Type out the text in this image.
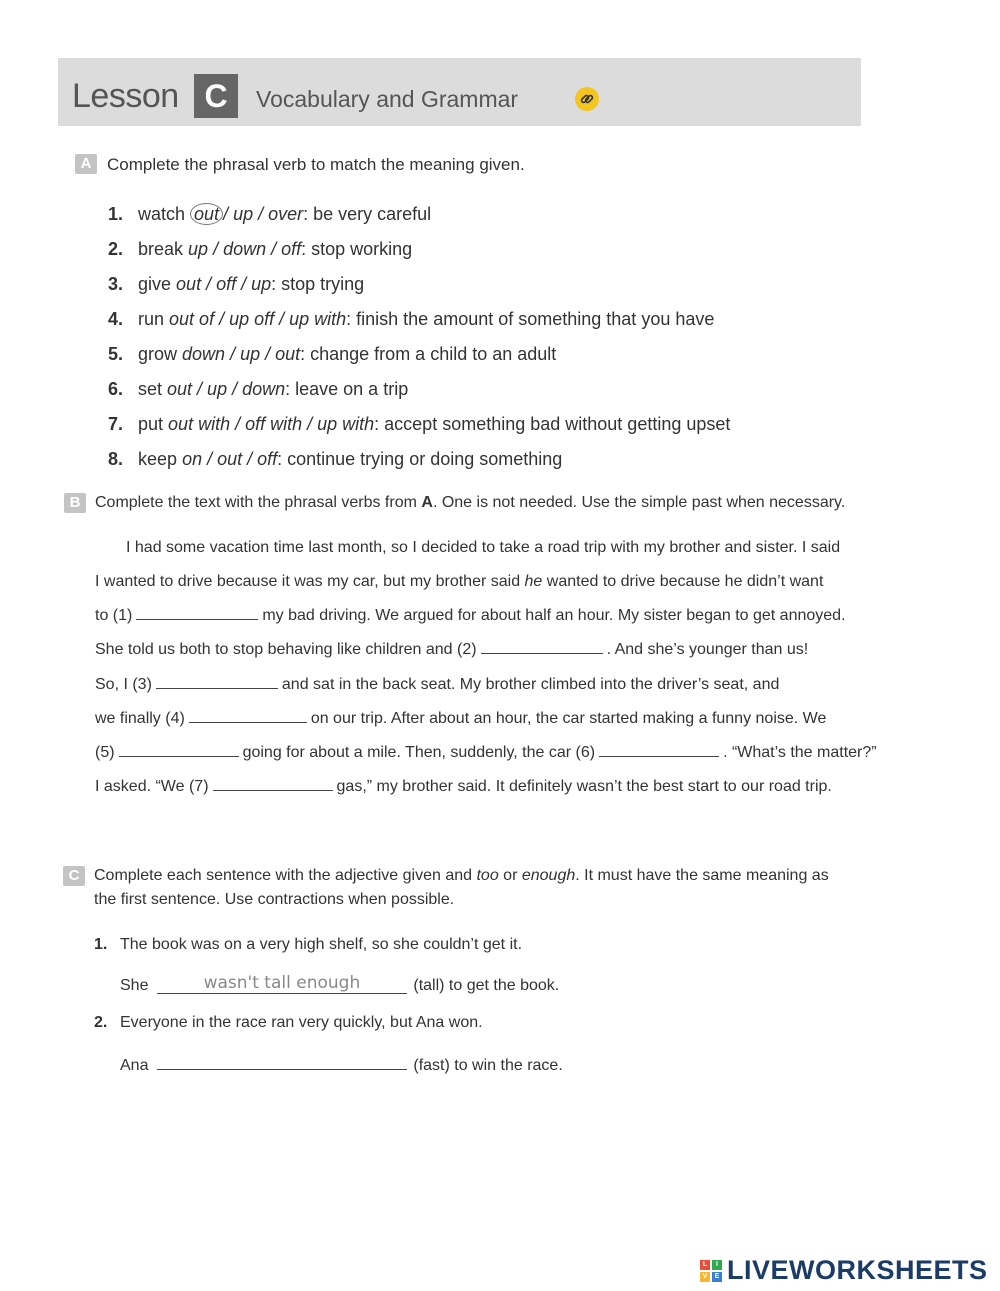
Lesson C	Vocabulary and Grammar
A Complete the phrasal verb to match the meaning given.
1. watch out / up / over: be very careful
2. break up / down / off: stop working
3. give out / off / up: stop trying
4. run out of / up off / up with: finish the amount of something that you have
5. grow down / up / out: change from a child to an adult
6. set out / up / down: leave on a trip
7. put out with / off with / up with: accept something bad without getting upset
8. keep on / out / off: continue trying or doing something
B Complete the text with the phrasal verbs from A. One is not needed. Use the simple past when necessary.
I had some vacation time last month, so I decided to take a road trip with my brother and sister. I said
I wanted to drive because it was my car, but my brother said he wanted to drive because he didn’t want
to (1)	my bad driving. We argued for about half an hour. My sister began to get annoyed.
She told us both to stop behaving like children and (2)	. And she’s younger than us!
So, I (3)	and sat in the back seat. My brother climbed into the driver’s seat, and
we finally (4)	on our trip. After about an hour, the car started making a funny noise. We
(5)	going for about a mile. Then, suddenly, the car (6)	. “What’s the matter?”
I asked. “We (7)	gas,” my brother said. It definitely wasn’t the best start to our road trip.
C Complete each sentence with the adjective given and too or enough. It must have the same meaning as
the first sentence. Use contractions when possible.
1. The book was on a very high shelf, so she couldn’t get it.
She	wasn't tall enough	(tall) to get the book.
2. Everyone in the race ran very quickly, but Ana won.
Ana	(fast) to win the race.
L	I
V	E LIVEWORKSHEETS
